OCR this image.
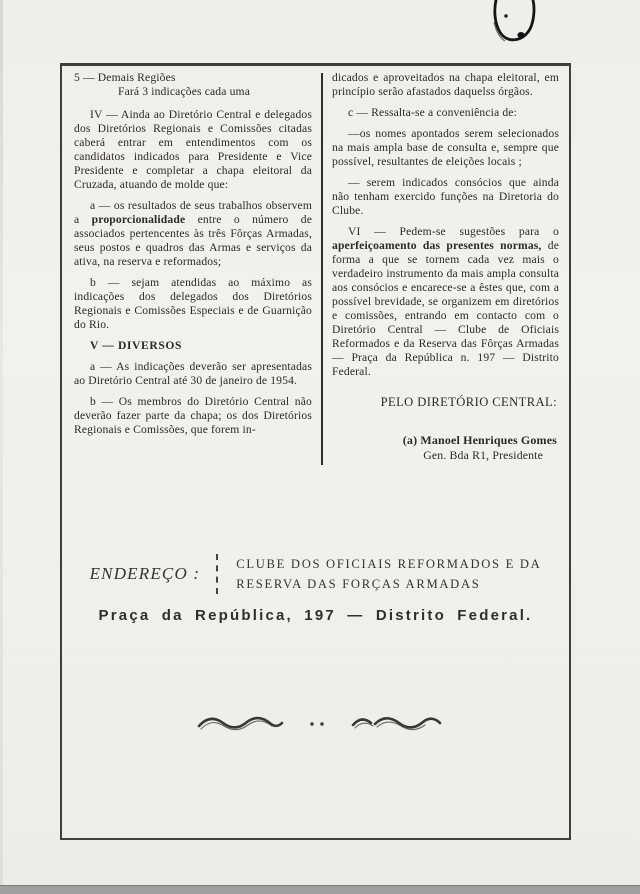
5 — Demais Regiões

Fará 3 indicações cada uma

IV — Ainda ao Diretório Central e delegados dos Diretórios Regionais e Comissões citadas caberá entrar em entendimentos com os candidatos indicados para Presidente e Vice Presidente e completar a chapa eleitoral da Cruzada, atuando de molde que:

a — os resultados de seus trabalhos observem a proporcionalidade entre o número de associados pertencentes às três Fôrças Armadas, seus postos e quadros das Armas e serviços da ativa, na reserva e reformados;

b — sejam atendidas ao máximo as indicações dos delegados dos Diretórios Regionais e Comissões Especiais e de Guarnição do Rio.

V — DIVERSOS

a — As indicações deverão ser apresentadas ao Diretório Central até 30 de janeiro de 1954.

b — Os membros do Diretório Central não deverão fazer parte da chapa; os dos Diretórios Regionais e Comissões, que forem in-

dicados e aproveitados na chapa eleitoral, em princípio serão afastados daquelss órgãos.

c — Ressalta-se a conveniência de:

—os nomes apontados serem selecionados na mais ampla base de consulta e, sempre que possível, resultantes de eleições locais ;

— serem indicados consócios que ainda não tenham exercido funções na Diretoria do Clube.

VI — Pedem-se sugestões para o aperfeiçoamento das presentes normas, de forma a que se tornem cada vez mais o verdadeiro instrumento da mais ampla consulta aos consócios e encarece-se a êstes que, com a possível brevidade, se organizem em diretórios e comissões, entrando em contacto com o Diretório Central — Clube de Oficiais Reformados e da Reserva das Fôrças Armadas — Praça da República n. 197 — Distrito Federal.

PELO DIRETÓRIO CENTRAL:

(a) Manoel Henriques Gomes
Gen. Bda R1, Presidente
ENDEREÇO :	CLUBE DOS OFICIAIS REFORMADOS E DA
RESERVA DAS FORÇAS ARMADAS
Praça da República, 197 — Distrito Federal.
